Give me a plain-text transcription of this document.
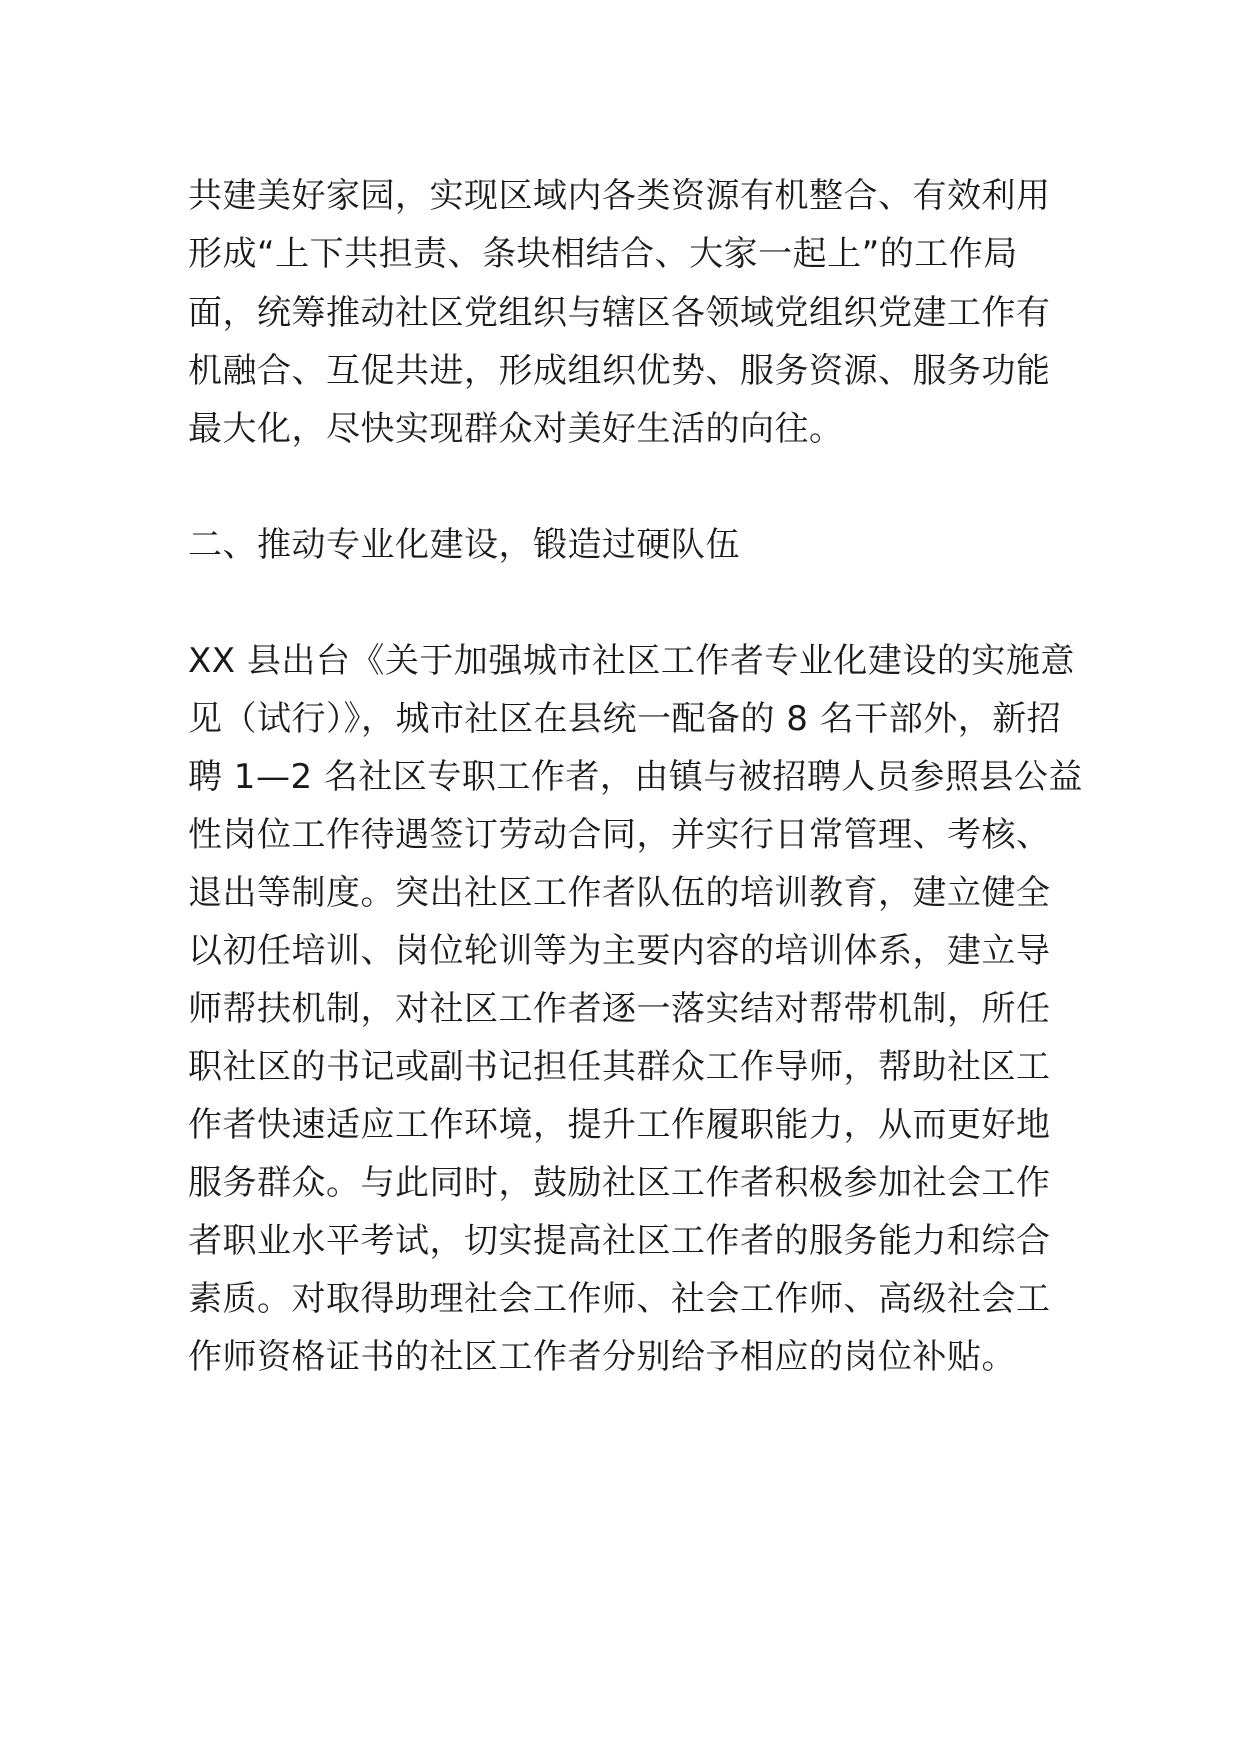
共建美好家园，实现区域内各类资源有机整合、有效利用
形成“上下共担责、条块相结合、大家一起上”的工作局
面，统筹推动社区党组织与辖区各领域党组织党建工作有
机融合、互促共进，形成组织优势、服务资源、服务功能
最大化，尽快实现群众对美好生活的向往。
二、推动专业化建设，锻造过硬队伍
XX 县出台《关于加强城市社区工作者专业化建设的实施意
见（试行）》，城市社区在县统一配备的 8 名干部外，新招
聘 1—2 名社区专职工作者，由镇与被招聘人员参照县公益
性岗位工作待遇签订劳动合同，并实行日常管理、考核、
退出等制度。突出社区工作者队伍的培训教育，建立健全
以初任培训、岗位轮训等为主要内容的培训体系，建立导
师帮扶机制，对社区工作者逐一落实结对帮带机制，所任
职社区的书记或副书记担任其群众工作导师，帮助社区工
作者快速适应工作环境，提升工作履职能力，从而更好地
服务群众。与此同时，鼓励社区工作者积极参加社会工作
者职业水平考试，切实提高社区工作者的服务能力和综合
素质。对取得助理社会工作师、社会工作师、高级社会工
作师资格证书的社区工作者分别给予相应的岗位补贴。
